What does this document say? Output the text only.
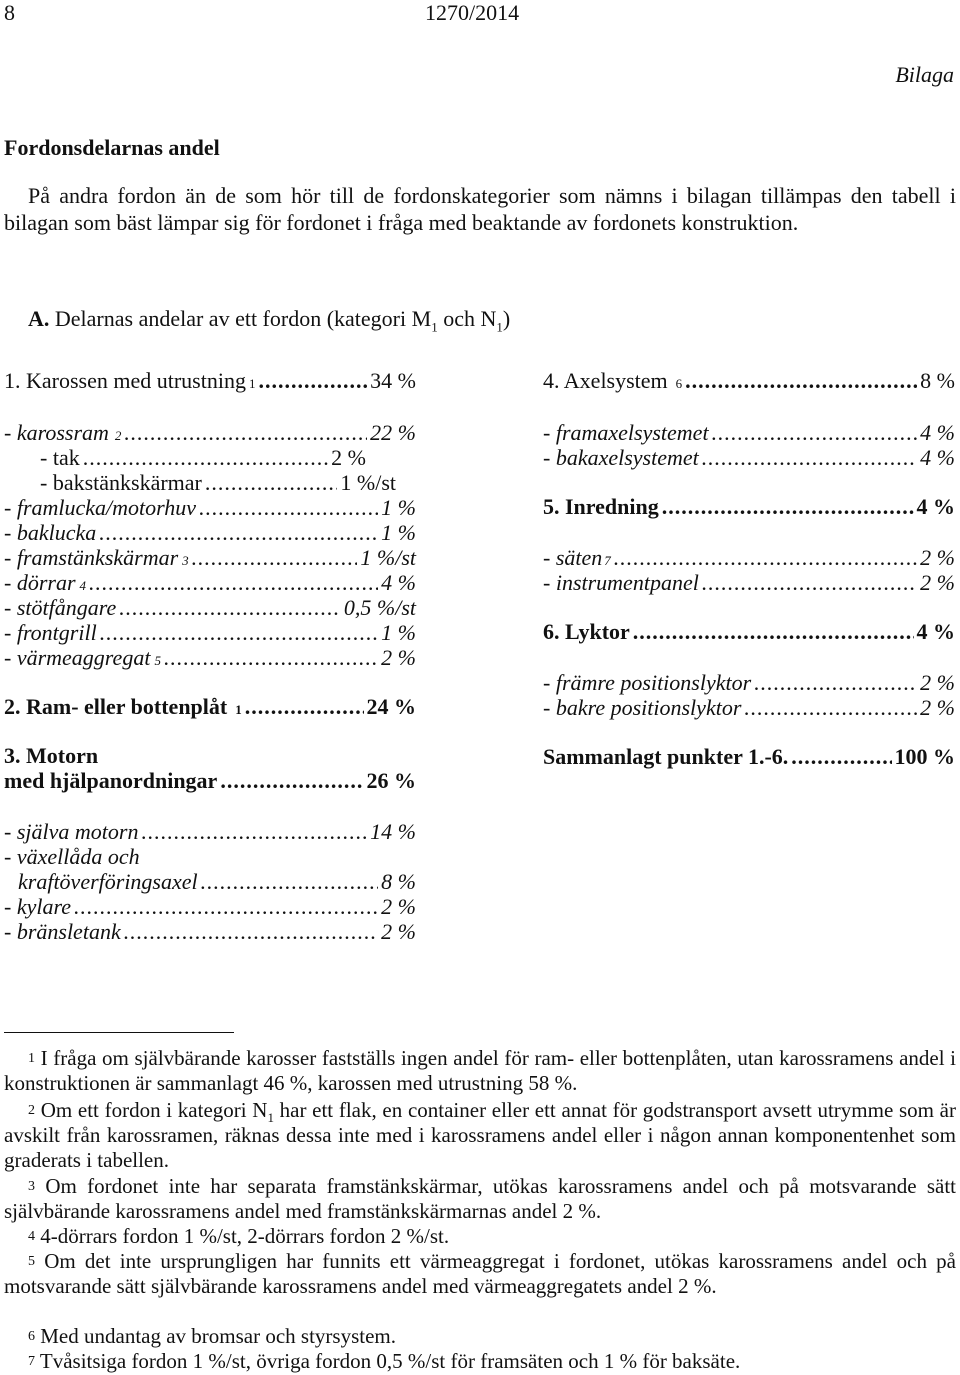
8	1270/2014
Bilaga
Fordonsdelarnas andel
På andra fordon än de som hör till de fordonskategorier som nämns i bilagan tillämpas den tabell i bilagan som bäst lämpar sig för fordonet i fråga med beaktande av fordonets konstruktion.
A. Delarnas andelar av ett fordon (kategori $M_1$ och $N_1$)
1. Karossen med utrustning 1 .....	34 %
- karossram 2 .....	22 %
- tak .....	2 %
- bakstänkskärmar .....	1 %/st
- framlucka/motorhuv .....	1 %
- baklucka .....	1 %
- framstänkskärmar 3 .....	1 %/st
- dörrar 4 .....	4 %
- stötfångare .....	0,5 %/st
- frontgrill .....	1 %
- värmeaggregat 5 .....	2 %
2. Ram- eller bottenplåt 1 .....	24 %
3. Motorn
med hjälpanordningar .....	26 %
- själva motorn .....	14 %
- växellåda och
kraftöverföringsaxel .....	8 %
- kylare .....	2 %
- bränsletank .....	2 %
4. Axelsystem 6 .....	8 %
- framaxelsystemet .....	4 %
- bakaxelsystemet .....	4 %
5. Inredning .....	4 %
- säten 7 .....	2 %
- instrumentpanel .....	2 %
6. Lyktor .....	4 %
- främre positionslyktor .....	2 %
- bakre positionslyktor .....	2 %
Sammanlagt punkter 1.-6. .....	100 %
$^1$ I fråga om självbärande karosser fastställs ingen andel för ram- eller bottenplåten, utan karossramens andel i konstruktionen är sammanlagt 46 %, karossen med utrustning 58 %.
$^2$ Om ett fordon i kategori $N_1$ har ett flak, en container eller ett annat för godstransport avsett utrymme som är avskilt från karossramen, räknas dessa inte med i karossramens andel eller i någon annan komponentenhet som graderats i tabellen.
$^3$ Om fordonet inte har separata framstänkskärmar, utökas karossramens andel och på motsvarande sätt självbärande karossramens andel med framstänkskärmarnas andel 2 %.
$^4$ 4-dörrars fordon 1 %/st, 2-dörrars fordon 2 %/st.
$^5$ Om det inte ursprungligen har funnits ett värmeaggregat i fordonet, utökas karossramens andel och på motsvarande sätt självbärande karossramens andel med värmeaggregatets andel 2 %.
$^6$ Med undantag av bromsar och styrsystem.
$^7$ Tvåsitsiga fordon 1 %/st, övriga fordon 0,5 %/st för framsäten och 1 % för baksäte.
